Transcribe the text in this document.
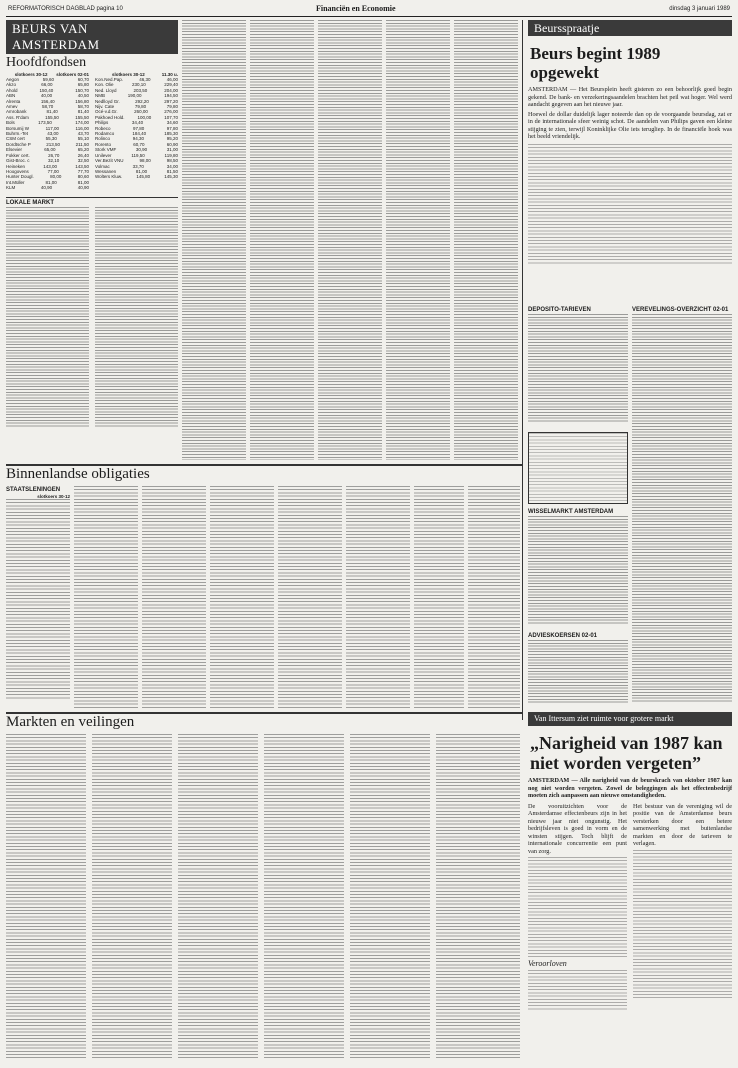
REFORMATORISCH DAGBLAD pagina 10	Financiën en Economie	dinsdag 3 januari 1989
BEURS VAN AMSTERDAM
Hoofdfondsen
slotkoers 30-12 slotkoers 02-01
Aegon	59,60	60,70
Akzo	66,00	65,80
Ahold	150,40	150,70
ABN	40,00	40,50
Alrenta	156,40	156,80
Amev	58,70	58,70
Amrobank	81,40	81,40
Ass. R'dam	155,50	155,50
Bols	173,50	174,00
Borsumij W	117,00	116,00
Buhrm.-Tet	43,00	43,70
CSM cert	55,30	55,10
Dordtsche P	213,50	211,50
Elsevier	65,00	65,20
Fokker cert.	26,70	26,40
Gist-Broc. c	32,10	32,50
Heineken	143,00	143,50
Hoogovens	77,00	77,70
Hunter Dougl.	80,00	80,60
Int.Müller	81,00	81,00
KLM	40,90	40,90
slotkoers 30-12	11.30 u.
Kon.Ned.Pap.	46,30	46,00
Kon. Olie	230,10	229,40
Ned. Lloyd	203,50	204,00
NMB	190,00	194,50
Nedlloyd Gr.	292,20	297,20
Nijv. Cate	79,80	79,80
Océ-v.d.Gr.	260,00	276,00
Pakhoed Hold.	100,00	107,70
Philips	34,40	34,60
Robeco	97,80	97,80
Rodamco	184,40	185,30
Rolinco	94,30	95,20
Rorento	60,70	60,90
Stork VMF	30,90	31,00
Unilever	119,50	119,80
Ver.Bezit VNU	98,00	98,50
Volmac	33,70	34,00
Wessanen	81,00	81,50
Wolters Kluw.	145,80	145,30
LOKALE MARKT
Binnenlandse obligaties
STAATSLENINGEN
slotkoers 30-12
Markten en veilingen
Beursspraatje
Beurs begint 1989 opgewekt
AMSTERDAM — Het Beursplein heeft gisteren zo een behoorlijk goed begin gekend. De bank- en verzekeringsaandelen brachten het peil wat hoger. Wel werd aandacht gegeven aan het nieuwe jaar.
Hoewel de dollar duidelijk lager noteerde dan op de voorgaande beursdag, zat er in de internationale sfeer weinig schot. De aandelen van Philips gaven een kleine stijging te zien, terwijl Koninklijke Olie iets terugliep. In de financiële hoek was het beeld vriendelijk.
DEPOSITO-TARIEVEN	VEREVELINGS-OVERZICHT 02-01
WISSELMARKT AMSTERDAM
ADVIESKOERSEN 02-01
Van Ittersum ziet ruimte voor grotere markt
„Narigheid van 1987 kan niet worden vergeten”
AMSTERDAM — Alle narigheid van de beurskrach van oktober 1987 kan nog niet worden vergeten. Zowel de beleggingen als het effectenbedrijf moeten zich aanpassen aan nieuwe omstandigheden.
De vooruitzichten voor de Amsterdamse effectenbeurs zijn in het nieuwe jaar niet ongunstig. Het bedrijfsleven is goed in vorm en de winsten stijgen. Toch blijft de internationale concurrentie een punt van zorg.
Veroorloven
Het bestuur van de vereniging wil de positie van de Amsterdamse beurs versterken door een betere samenwerking met buitenlandse markten en door de tarieven te verlagen.
